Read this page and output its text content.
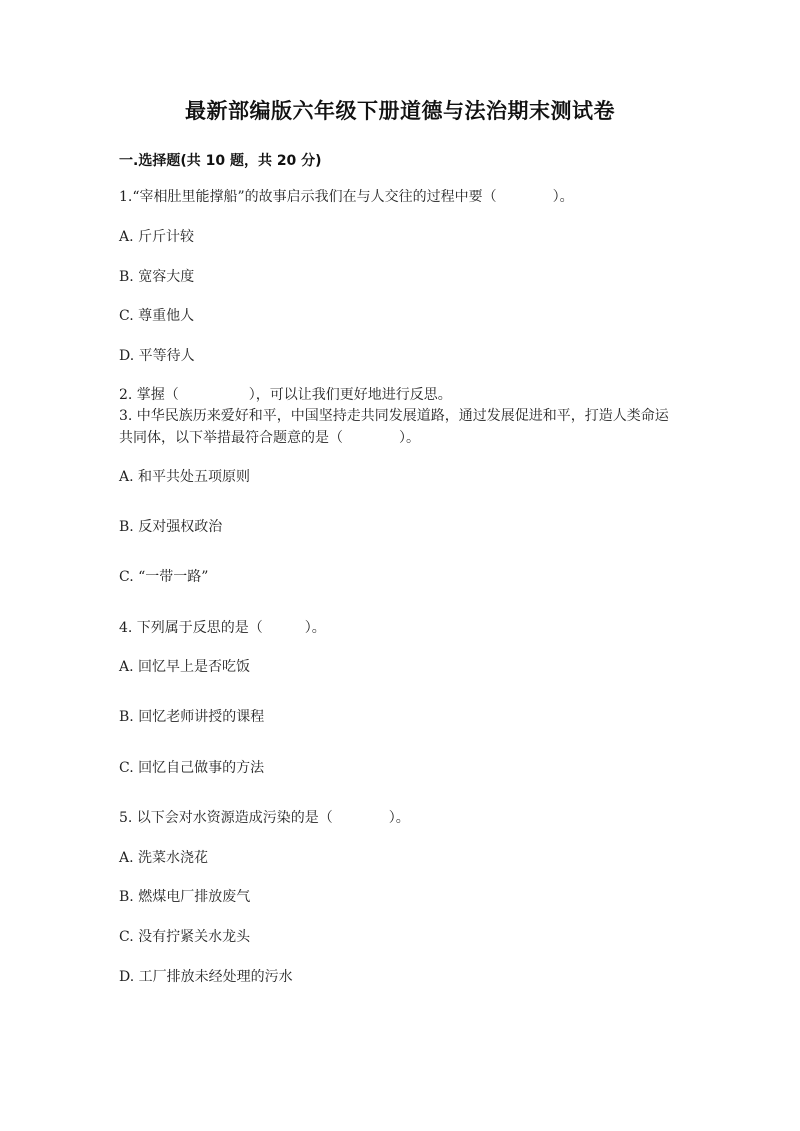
最新部编版六年级下册道德与法治期末测试卷
一.选择题(共 10 题，共 20 分)
1.“宰相肚里能撑船”的故事启示我们在与人交往的过程中要（　　　　）。
A. 斤斤计较
B. 宽容大度
C. 尊重他人
D. 平等待人
2. 掌握（　　　　　），可以让我们更好地进行反思。
3. 中华民族历来爱好和平，中国坚持走共同发展道路，通过发展促进和平，打造人类命运共同体，以下举措最符合题意的是（　　　　）。
A. 和平共处五项原则
B. 反对强权政治
C. “一带一路”
4. 下列属于反思的是（　　　）。
A. 回忆早上是否吃饭
B. 回忆老师讲授的课程
C. 回忆自己做事的方法
5. 以下会对水资源造成污染的是（　　　　）。
A. 洗菜水浇花
B. 燃煤电厂排放废气
C. 没有拧紧关水龙头
D. 工厂排放未经处理的污水
